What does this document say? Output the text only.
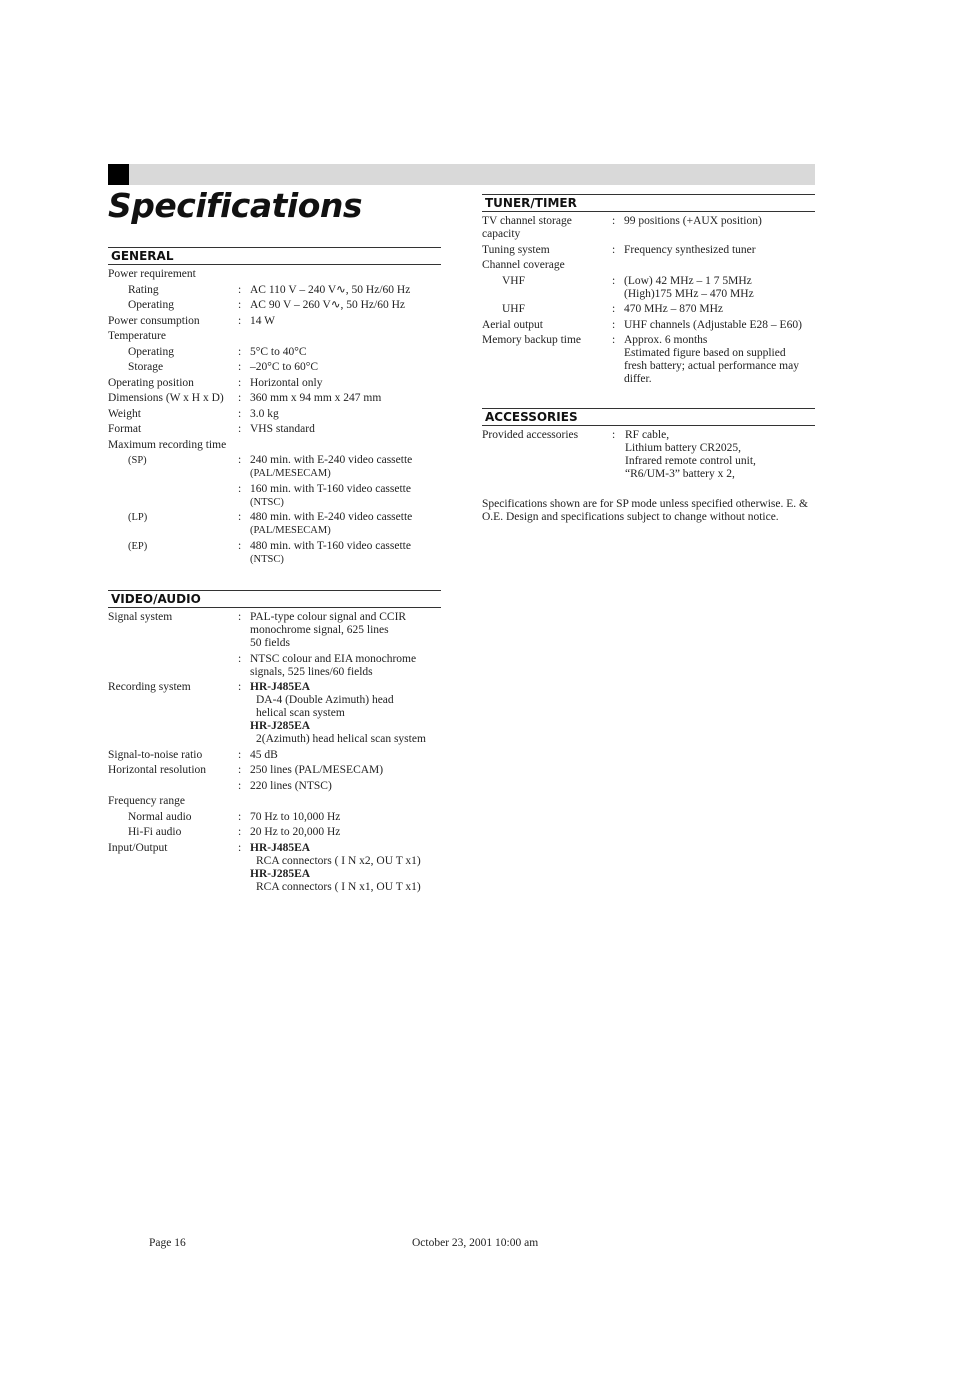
Specifications
GENERAL
Power requirement
Rating	: AC 110 V – 240 V∿, 50 Hz/60 Hz
Operating	: AC 90 V – 260 V∿, 50 Hz/60 Hz
Power consumption	: 14 W
Temperature
Operating	: 5°C to 40°C
Storage	: –20°C to 60°C
Operating position	: Horizontal only
Dimensions (W x H x D) : 360 mm x 94 mm x 247 mm
Weight	: 3.0 kg
Format	: VHS standard
Maximum recording time
(SP)	: 240 min. with E-240 video cassette
(PAL/MESECAM)
: 160 min. with T-160 video cassette
(NTSC)
(LP)	: 480 min. with E-240 video cassette
(PAL/MESECAM)
(EP)	: 480 min. with T-160 video cassette
(NTSC)
VIDEO/AUDIO
Signal system	: PAL-type colour signal and CCIR
monochrome signal, 625 lines
50 fields
: NTSC colour and EIA monochrome
signals, 525 lines/60 fields
Recording system	: HR-J485EA
DA-4 (Double Azimuth) head
helical scan system
HR-J285EA
2(Azimuth) head helical scan system
Signal-to-noise ratio	: 45 dB
Horizontal resolution	: 250 lines (PAL/MESECAM)
: 220 lines (NTSC)
Frequency range
Normal audio	: 70 Hz to 10,000 Hz
Hi-Fi audio	: 20 Hz to 20,000 Hz
Input/Output	: HR-J485EA
RCA connectors ( I N x2, OU T x1)
HR-J285EA
RCA connectors ( I N x1, OU T x1)
TUNER/TIMER
TV channel storage
capacity
: 99 positions (+AUX position)
Tuning system	: Frequency synthesized tuner
Channel coverage
VHF	: (Low) 42 MHz – 1 7 5MHz
(High)175 MHz – 470 MHz
UHF	: 470 MHz – 870 MHz
Aerial output	: UHF channels (Adjustable E28 – E60)
Memory backup time	: Approx. 6 months
Estimated figure based on supplied
fresh battery; actual performance may
differ.
ACCESSORIES
Provided accessories	: RF cable,
Lithium battery CR2025,
Infrared remote control unit,
“R6/UM-3” battery x 2,
Specifications shown are for SP mode unless specified otherwise. E. & O.E. Design and specifications subject to change without notice.
Page 16	October 23, 2001 10:00 am
